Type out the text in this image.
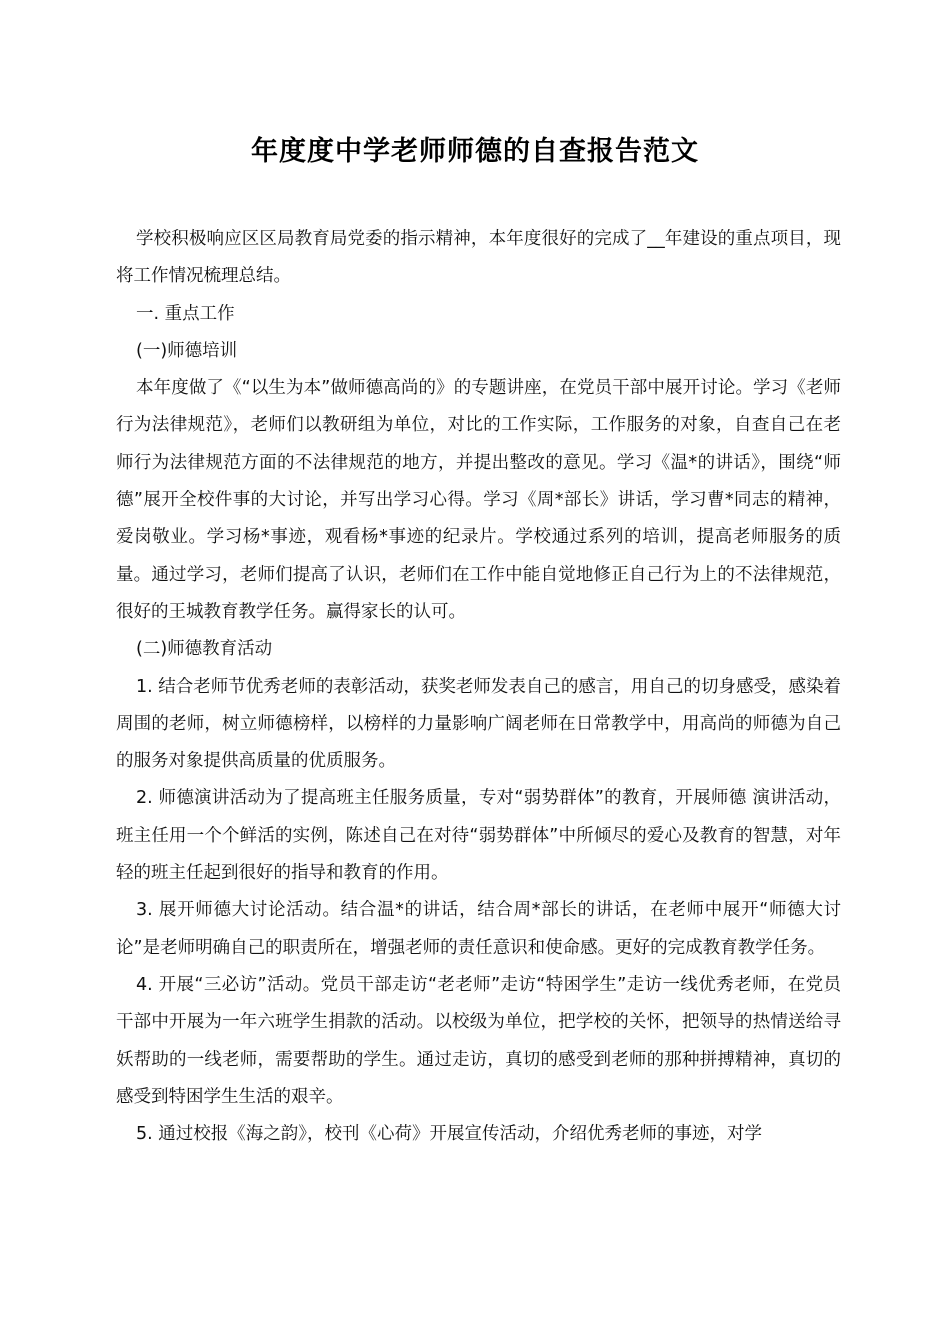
年度度中学老师师德的自查报告范文

学校积极响应区区局教育局党委的指示精神，本年度很好的完成了__年建设的重点项目，现将工作情况梳理总结。

一. 重点工作

(一)师德培训

本年度做了《“以生为本”做师德高尚的》的专题讲座，在党员干部中展开讨论。学习《老师行为法律规范》，老师们以教研组为单位，对比的工作实际，工作服务的对象，自查自己在老师行为法律规范方面的不法律规范的地方，并提出整改的意见。学习《温*的讲话》，围绕“师德”展开全校件事的大讨论，并写出学习心得。学习《周*部长》讲话，学习曹*同志的精神，爱岗敬业。学习杨*事迹，观看杨*事迹的纪录片。学校通过系列的培训，提高老师服务的质量。通过学习，老师们提高了认识，老师们在工作中能自觉地修正自己行为上的不法律规范，很好的王城教育教学任务。赢得家长的认可。

(二)师德教育活动

1. 结合老师节优秀老师的表彰活动，获奖老师发表自己的感言，用自己的切身感受，感染着周围的老师，树立师德榜样，以榜样的力量影响广阔老师在日常教学中，用高尚的师德为自己的服务对象提供高质量的优质服务。

2. 师德演讲活动为了提高班主任服务质量，专对“弱势群体”的教育，开展师德 演讲活动，班主任用一个个鲜活的实例，陈述自己在对待“弱势群体”中所倾尽的爱心及教育的智慧，对年轻的班主任起到很好的指导和教育的作用。

3. 展开师德大讨论活动。结合温*的讲话，结合周*部长的讲话，在老师中展开“师德大讨论”是老师明确自己的职责所在，增强老师的责任意识和使命感。更好的完成教育教学任务。

4. 开展“三必访”活动。党员干部走访“老老师”走访“特困学生”走访一线优秀老师，在党员干部中开展为一年六班学生捐款的活动。以校级为单位，把学校的关怀，把领导的热情送给寻妖帮助的一线老师，需要帮助的学生。通过走访，真切的感受到老师的那种拼搏精神，真切的感受到特困学生生活的艰辛。

5. 通过校报《海之韵》，校刊《心荷》开展宣传活动，介绍优秀老师的事迹，对学
